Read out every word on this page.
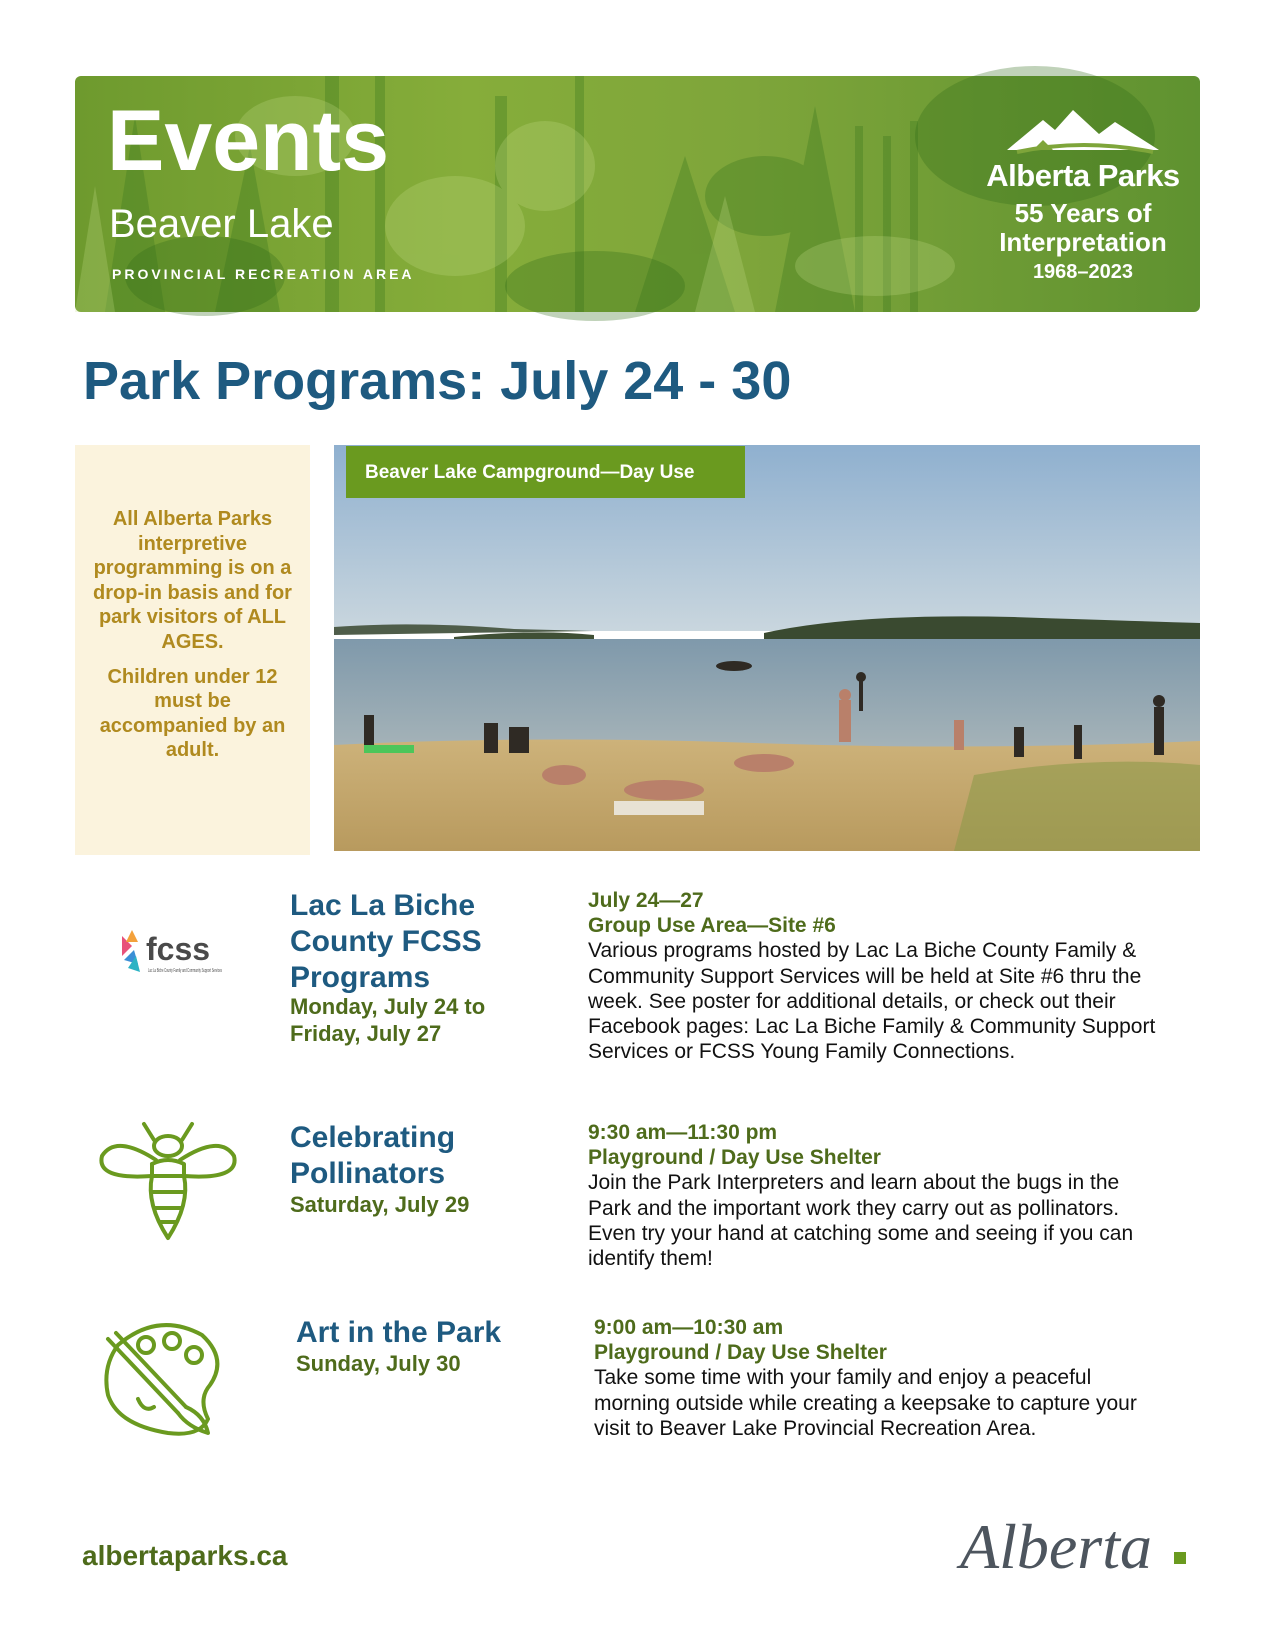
Events
Beaver Lake
PROVINCIAL RECREATION AREA
Alberta Parks
55 Years of
Interpretation
1968–2023
Park Programs: July 24 - 30

All Alberta Parks interpretive programming is on a drop-in basis and for park visitors of ALL AGES.

Children under 12 must be accompanied by an adult.

Beaver Lake Campground—Day Use
fcss
Lac La Biche County Family and Community Support Services
Lac La Biche County FCSS Programs
Monday, July 24 to Friday, July 27
July 24—27
Group Use Area—Site #6
Various programs hosted by Lac La Biche County Family & Community Support Services will be held at Site #6 thru the week. See poster for additional details, or check out their Facebook pages: Lac La Biche Family & Community Support Services or FCSS Young Family Connections.
Celebrating Pollinators
Saturday, July 29
9:30 am—11:30 pm
Playground / Day Use Shelter
Join the Park Interpreters and learn about the bugs in the Park and the important work they carry out as pollinators. Even try your hand at catching some and seeing if you can identify them!
Art in the Park
Sunday, July 30
9:00 am—10:30 am
Playground / Day Use Shelter
Take some time with your family and enjoy a peaceful morning outside while creating a keepsake to capture your visit to Beaver Lake Provincial Recreation Area.
albertaparks.ca	Alberta
